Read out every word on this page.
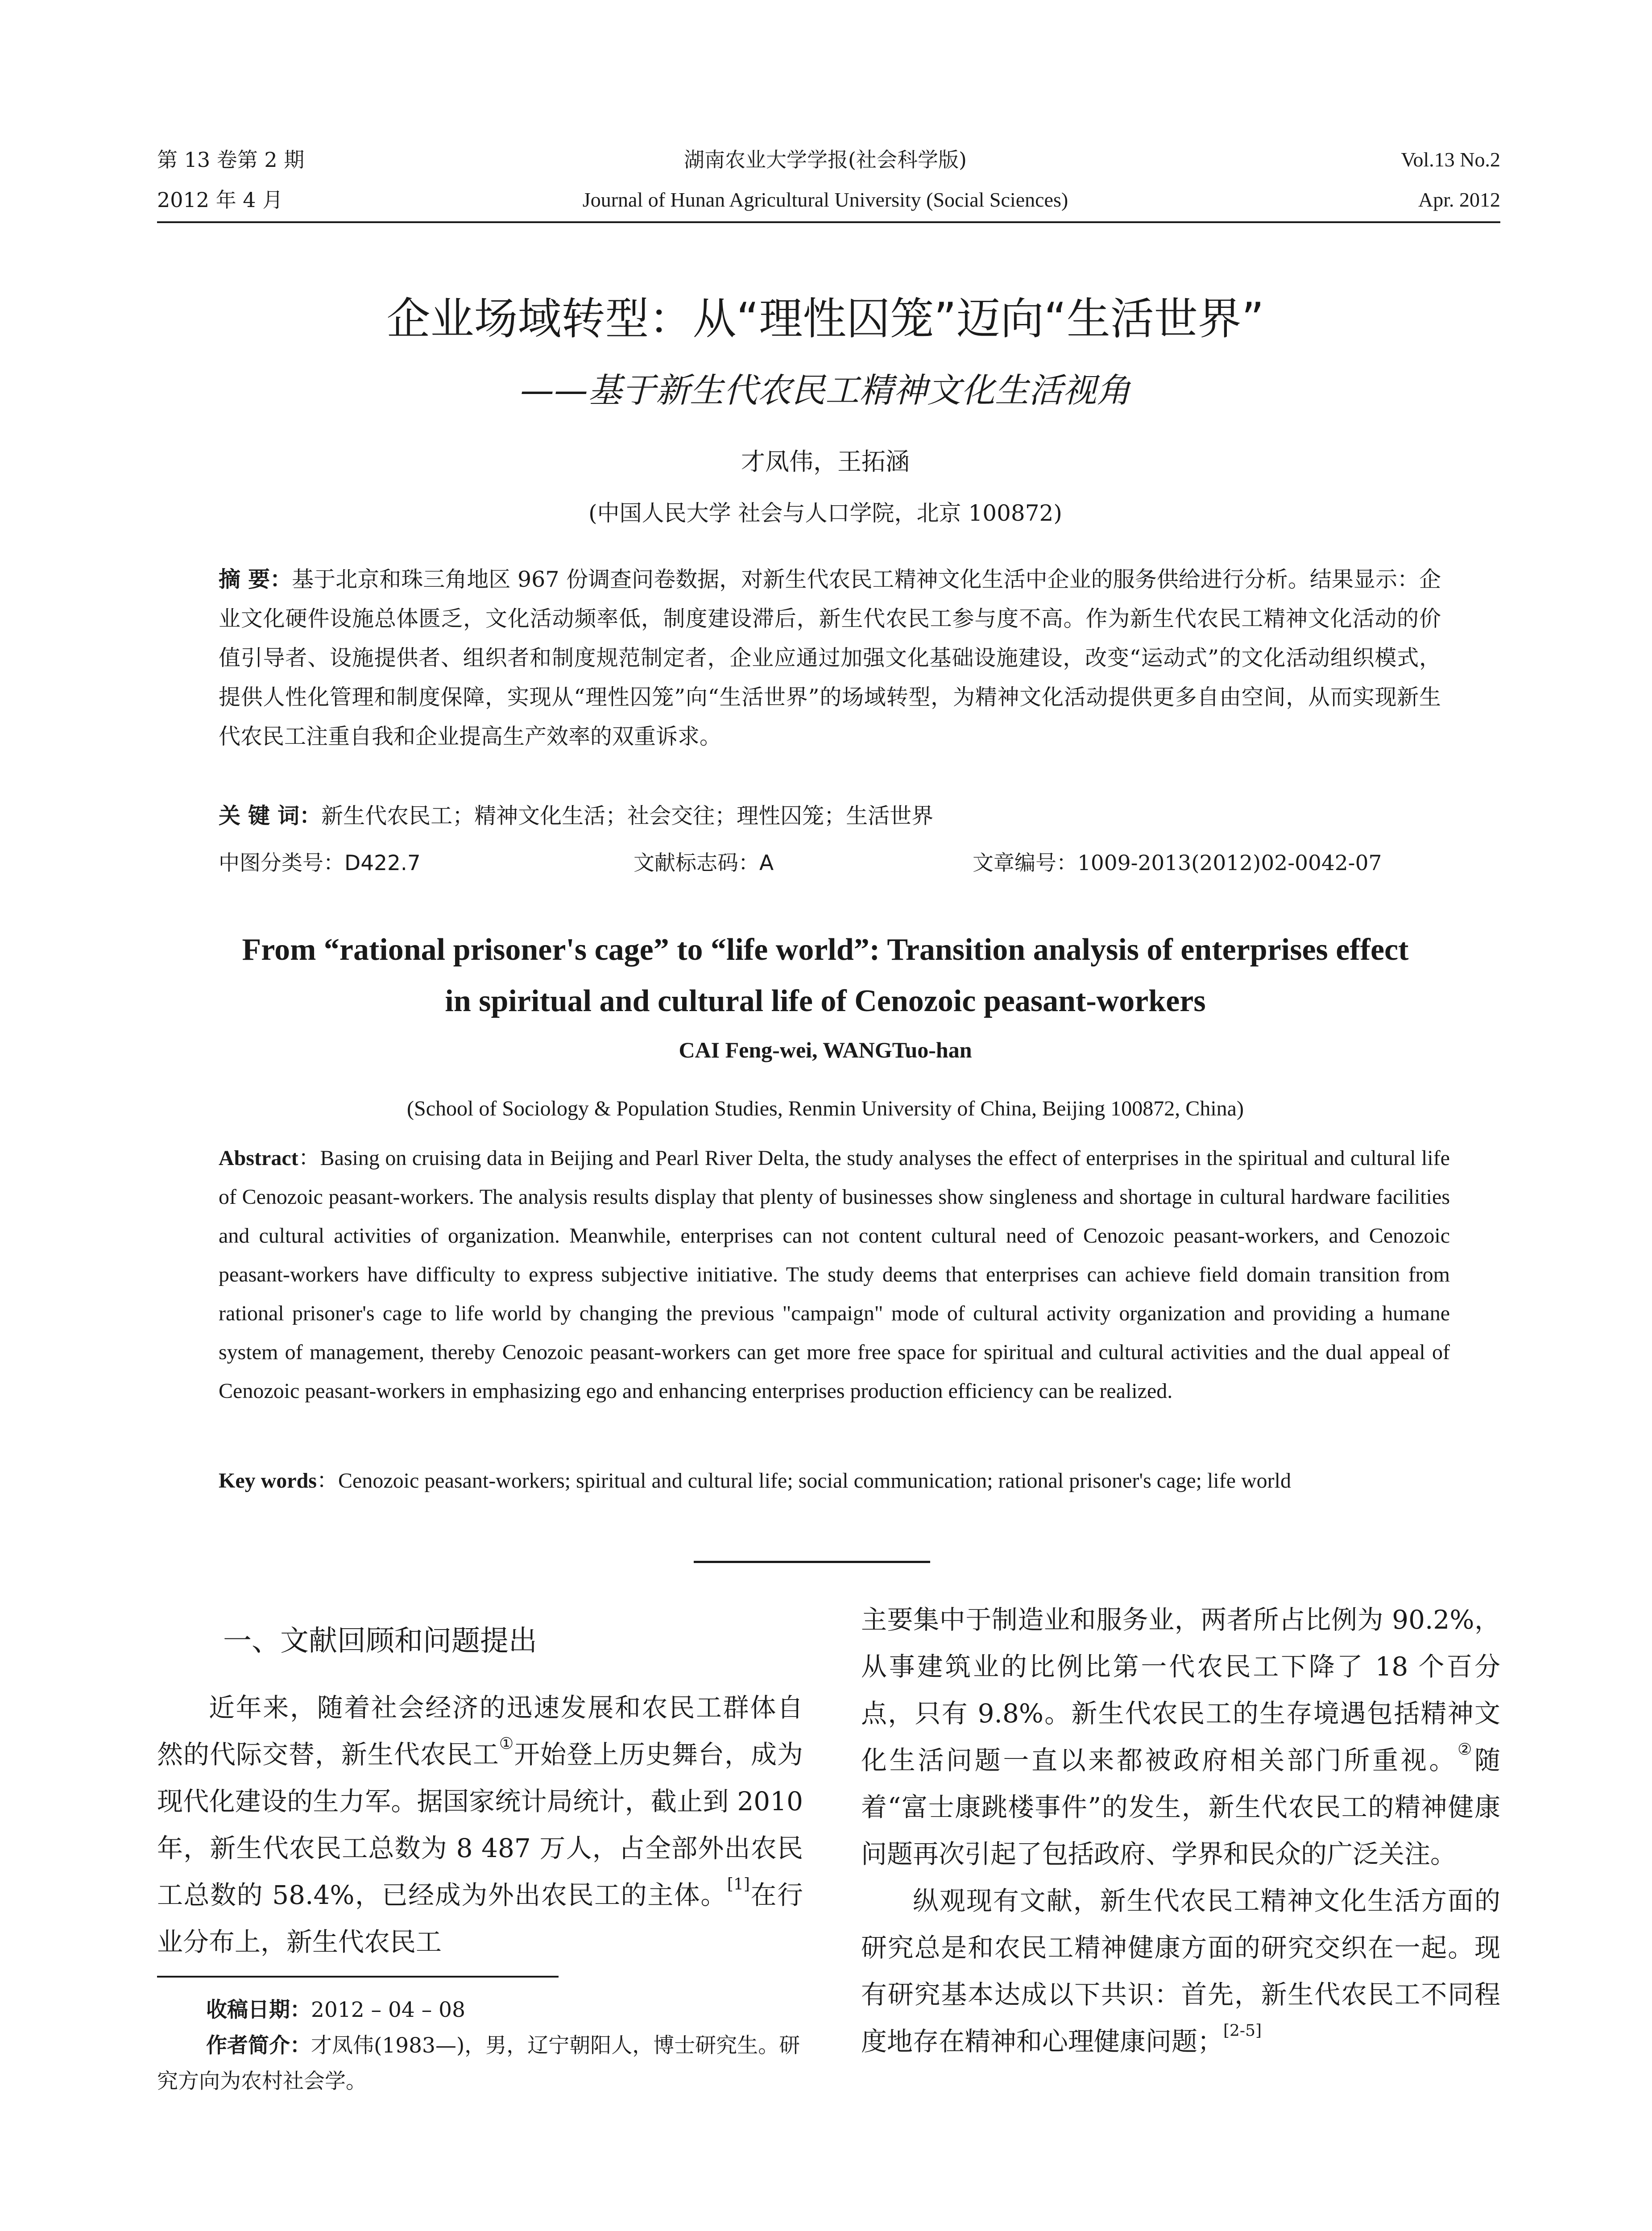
第 13 卷第 2 期
2012 年 4 月
湖南农业大学学报(社会科学版)
Journal of Hunan Agricultural University (Social Sciences)
Vol.13 No.2
Apr. 2012
企业场域转型：从“理性囚笼”迈向“生活世界”
——基于新生代农民工精神文化生活视角
才凤伟，王拓涵
(中国人民大学 社会与人口学院，北京 100872)
摘 要：基于北京和珠三角地区 967 份调查问卷数据，对新生代农民工精神文化生活中企业的服务供给进行分析。结果显示：企业文化硬件设施总体匮乏，文化活动频率低，制度建设滞后，新生代农民工参与度不高。作为新生代农民工精神文化活动的价值引导者、设施提供者、组织者和制度规范制定者，企业应通过加强文化基础设施建设，改变“运动式”的文化活动组织模式，提供人性化管理和制度保障，实现从“理性囚笼”向“生活世界”的场域转型，为精神文化活动提供更多自由空间，从而实现新生代农民工注重自我和企业提高生产效率的双重诉求。
关 键 词：新生代农民工；精神文化生活；社会交往；理性囚笼；生活世界
中图分类号：D422.7	文献标志码：A	文章编号：1009-2013(2012)02-0042-07
From “rational prisoner's cage” to “life world”: Transition analysis of enterprises effect
in spiritual and cultural life of Cenozoic peasant-workers
CAI Feng-wei, WANGTuo-han
(School of Sociology & Population Studies, Renmin University of China, Beijing 100872, China)
Abstract：Basing on cruising data in Beijing and Pearl River Delta, the study analyses the effect of enterprises in the spiritual and cultural life of Cenozoic peasant-workers. The analysis results display that plenty of businesses show singleness and shortage in cultural hardware facilities and cultural activities of organization. Meanwhile, enterprises can not content cultural need of Cenozoic peasant-workers, and Cenozoic peasant-workers have difficulty to express subjective initiative. The study deems that enterprises can achieve field domain transition from rational prisoner's cage to life world by changing the previous "campaign" mode of cultural activity organization and providing a humane system of management, thereby Cenozoic peasant-workers can get more free space for spiritual and cultural activities and the dual appeal of Cenozoic peasant-workers in emphasizing ego and enhancing enterprises production efficiency can be realized.
Key words：Cenozoic peasant-workers; spiritual and cultural life; social communication; rational prisoner's cage; life world
一、文献回顾和问题提出

近年来，随着社会经济的迅速发展和农民工群体自然的代际交替，新生代农民工①开始登上历史舞台，成为现代化建设的生力军。据国家统计局统计，截止到 2010 年，新生代农民工总数为 8 487 万人，占全部外出农民工总数的 58.4%，已经成为外出农民工的主体。[1]在行业分布上，新生代农民工

收稿日期：2012 – 04 – 08
作者简介：才凤伟(1983—)，男，辽宁朝阳人，博士研究生。研究方向为农村社会学。

主要集中于制造业和服务业，两者所占比例为 90.2%，从事建筑业的比例比第一代农民工下降了 18 个百分点，只有 9.8%。新生代农民工的生存境遇包括精神文化生活问题一直以来都被政府相关部门所重视。②随着“富士康跳楼事件”的发生，新生代农民工的精神健康问题再次引起了包括政府、学界和民众的广泛关注。

纵观现有文献，新生代农民工精神文化生活方面的研究总是和农民工精神健康方面的研究交织在一起。现有研究基本达成以下共识：首先，新生代农民工不同程度地存在精神和心理健康问题；[2-5]
